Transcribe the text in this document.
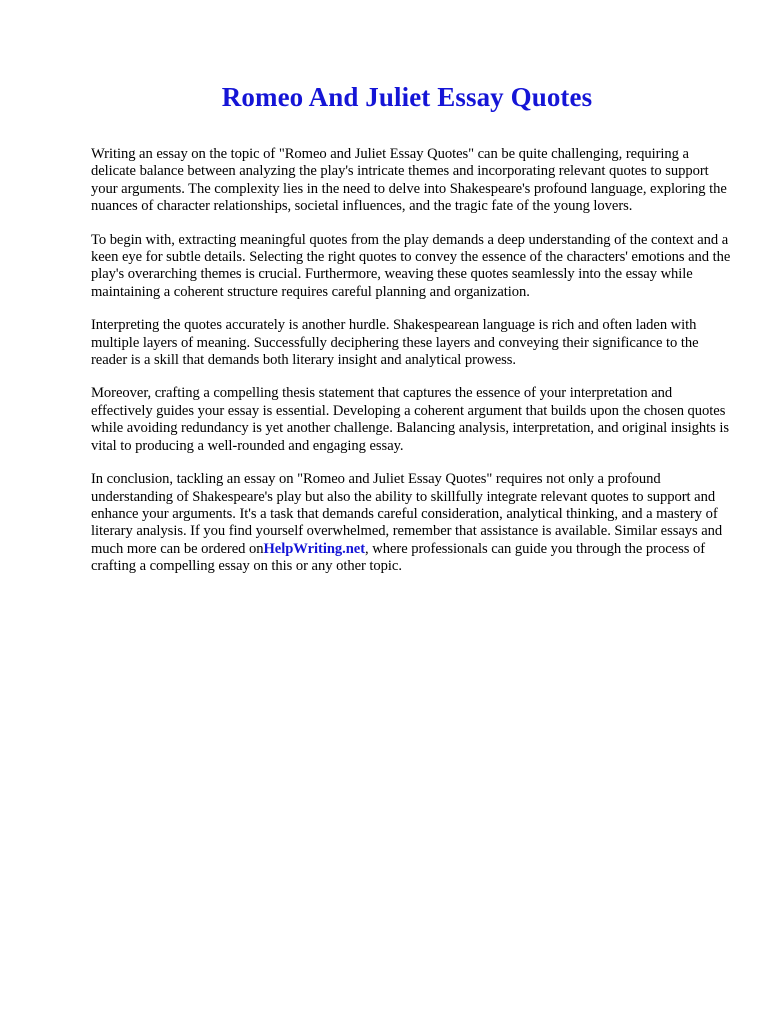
Romeo And Juliet Essay Quotes

Writing an essay on the topic of "Romeo and Juliet Essay Quotes" can be quite challenging, requiring a delicate balance between analyzing the play's intricate themes and incorporating relevant quotes to support your arguments. The complexity lies in the need to delve into Shakespeare's profound language, exploring the nuances of character relationships, societal influences, and the tragic fate of the young lovers.

To begin with, extracting meaningful quotes from the play demands a deep understanding of the context and a keen eye for subtle details. Selecting the right quotes to convey the essence of the characters' emotions and the play's overarching themes is crucial. Furthermore, weaving these quotes seamlessly into the essay while maintaining a coherent structure requires careful planning and organization.

Interpreting the quotes accurately is another hurdle. Shakespearean language is rich and often laden with multiple layers of meaning. Successfully deciphering these layers and conveying their significance to the reader is a skill that demands both literary insight and analytical prowess.

Moreover, crafting a compelling thesis statement that captures the essence of your interpretation and effectively guides your essay is essential. Developing a coherent argument that builds upon the chosen quotes while avoiding redundancy is yet another challenge. Balancing analysis, interpretation, and original insights is vital to producing a well-rounded and engaging essay.

In conclusion, tackling an essay on "Romeo and Juliet Essay Quotes" requires not only a profound understanding of Shakespeare's play but also the ability to skillfully integrate relevant quotes to support and enhance your arguments. It's a task that demands careful consideration, analytical thinking, and a mastery of literary analysis. If you find yourself overwhelmed, remember that assistance is available. Similar essays and much more can be ordered onHelpWriting.net, where professionals can guide you through the process of crafting a compelling essay on this or any other topic.
